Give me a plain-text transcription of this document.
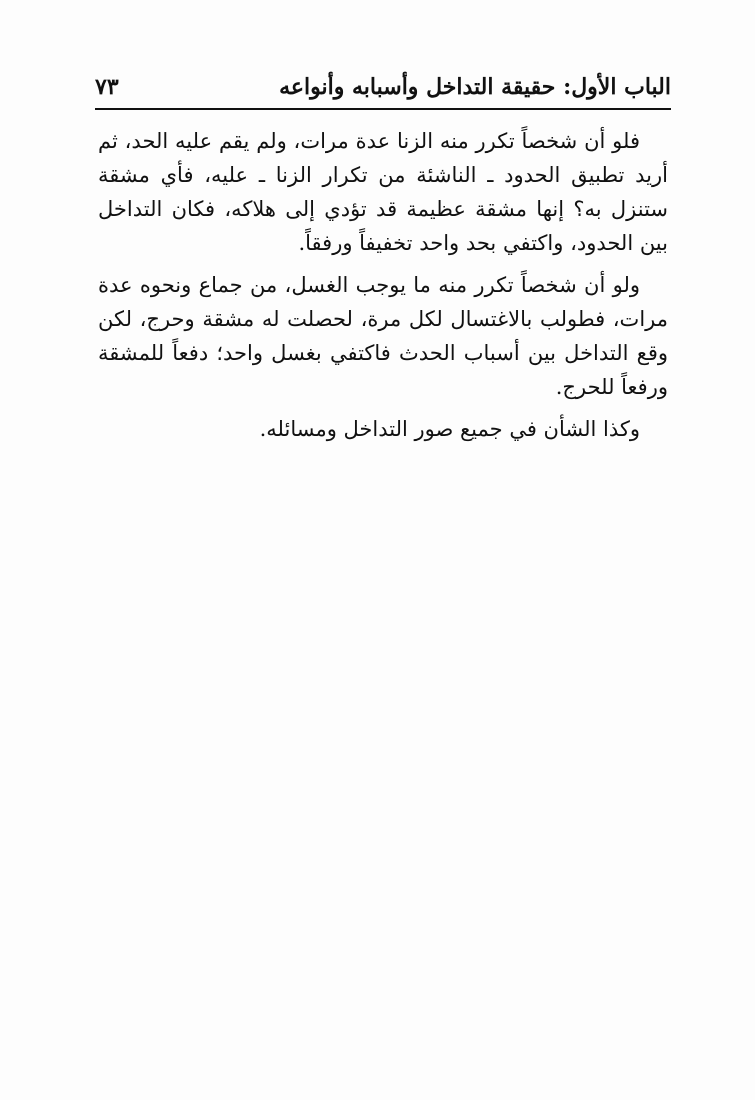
الباب الأول: حقيقة التداخل وأسبابه وأنواعه
٧٣

فلو أن شخصاً تكرر منه الزنا عدة مرات، ولم يقم عليه الحد، ثم أريد تطبيق الحدود ـ الناشئة من تكرار الزنا ـ عليه، فأي مشقة ستنزل به؟ إنها مشقة عظيمة قد تؤدي إلى هلاكه، فكان التداخل بين الحدود، واكتفي بحد واحد تخفيفاً ورفقاً.

ولو أن شخصاً تكرر منه ما يوجب الغسل، من جماع ونحوه عدة مرات، فطولب بالاغتسال لكل مرة، لحصلت له مشقة وحرج، لكن وقع التداخل بين أسباب الحدث فاكتفي بغسل واحد؛ دفعاً للمشقة ورفعاً للحرج.

وكذا الشأن في جميع صور التداخل ومسائله.
